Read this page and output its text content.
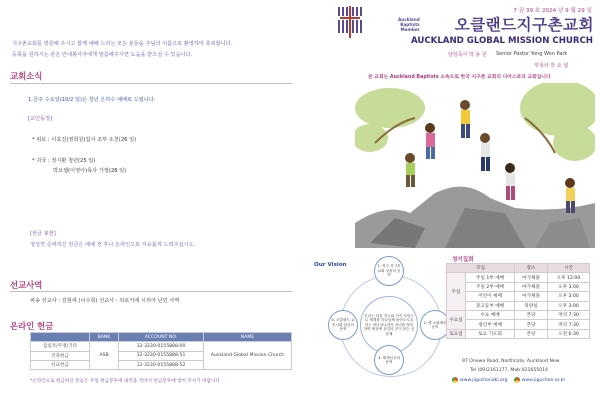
지구촌교회를 방문해 주시고 함께 예배 드리는 모든 분들을 주님의 이름으로 환영하며 축복합니다.
등록을 원하시는 분은 안내봉사자에게 말씀해주시면 도움을 받으실 수 있습니다.
교회소식
1.금주 수요일(10/2 일)은 청년 은하수 예배로 드립니다.
[교인동정]
* 위로 : 이효진(권희원)집사 조부 소천(26 일)
* 귀국 : 정시환 청년(25 일)
박요셉(이영아)목사 가정(28 일)
[헌금 봉헌]
정성껏 준비하신 헌금은 예배 전 후나 온라인으로 자유롭게 드려주십시오.
선교사역
파송 선교사 : 김현세 (이수희) 선교사 : 뒤로키에 시리아 난민 사역
온라인 헌금
	BANK	ACCOUNT NO.	NAME
십일조/주정/기타	ASB	12-3230-0155888-00	Auckland Global Mission Church
건축헌금		12-3230-0155888-51	
선교헌금		12-3230-0155888-52	
*온라인으로 헌금하신 분들은 주일 헌금봉투에 내역을 적어서 헌금봉투에 넣어 주시기 바랍니다
Auckland
Baptists
Member
7 권 39 호 2024 년 9 월 29 일
오클랜드지구촌교회
AUCKLAND GLOBAL MISSION CHURCH
담임목사 박 용 원 Senior Pastor Yong Won Park
부목사 박 요 셉
본 교회는 Auckland Baptists 소속으로 한국 지구촌 교회의 디아스포라 교회입니다
Our Vision
우리는 복음 전도와 지속 사랑으로 세계를 하나님께 돌아오도록 하는 하나님나라의 리더를 양육하여 세상에 섬김의 본이 되는 공동체
1. 영국 지구촌교회 성장의 동역
2. 생 교회에의 동역
3. 세계선교의 동역
4. 오클랜드 교민사회 섬김의 동역
정기집회
모임		장소	시간
주일	주일 1부 예배	마가체플	오후 12:00
	주일 2부 예배	마가체플	오후 3:00
	어린이 예배	마가체플	오후 3:00
	중고등부 예배	목양실	오후 3:00
수요일	수요 예배	본당	저녁 7:30
	청년부 예배	본당	저녁 7:30
토요일	토요 기도회	본당	오전 6:30
97 Onewa Road, Northcote, Auckland New
Tel (09)2161177, Mob:021655014
www.jiguchonakl.org	www.jiguchon.or.kr
